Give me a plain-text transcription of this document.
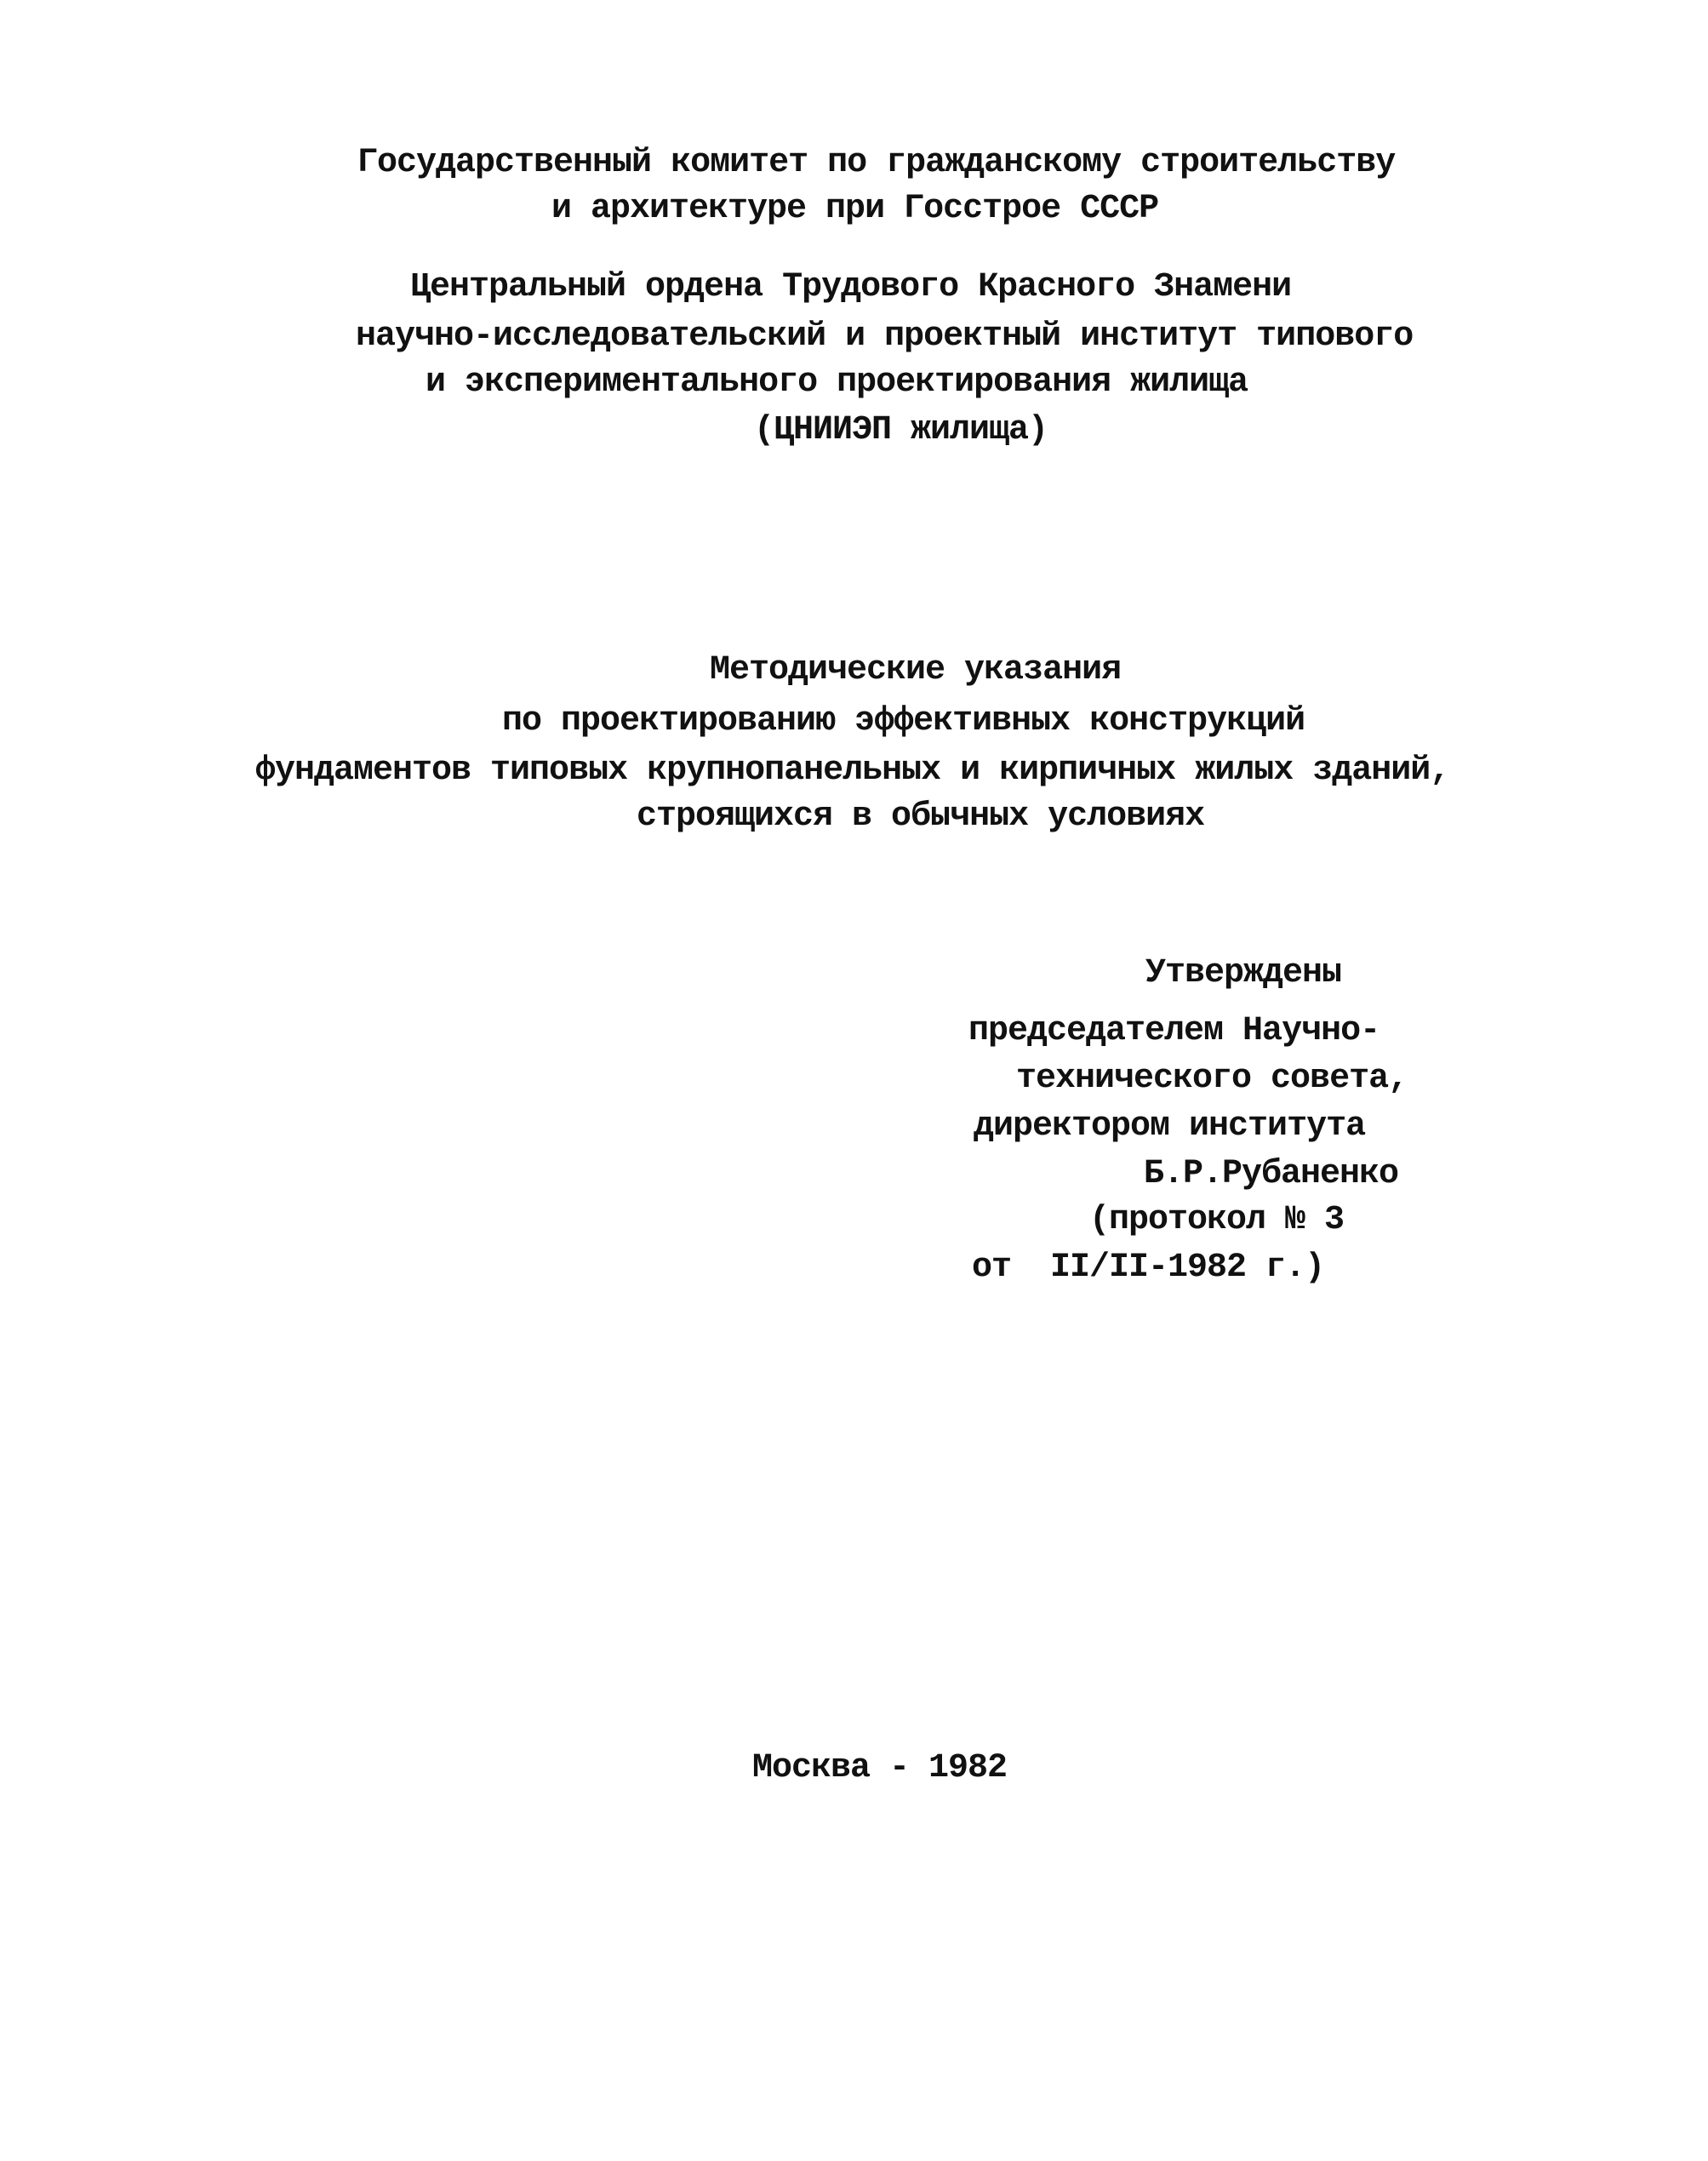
Государственный комитет по гражданскому строительству
и архитектуре при Госстрое СССР
Центральный ордена Трудового Красного Знамени
научно-исследовательский и проектный институт типового
и экспериментального проектирования жилища
(ЦНИИЭП жилища)
Методические указания
по проектированию эффективных конструкций
фундаментов типовых крупнопанельных и кирпичных жилых зданий,
строящихся в обычных условиях
Утверждены
председателем Научно-
технического совета,
директором института
Б.Р.Рубаненко
(протокол № 3
от  II/II-1982 г.)
Москва - 1982
